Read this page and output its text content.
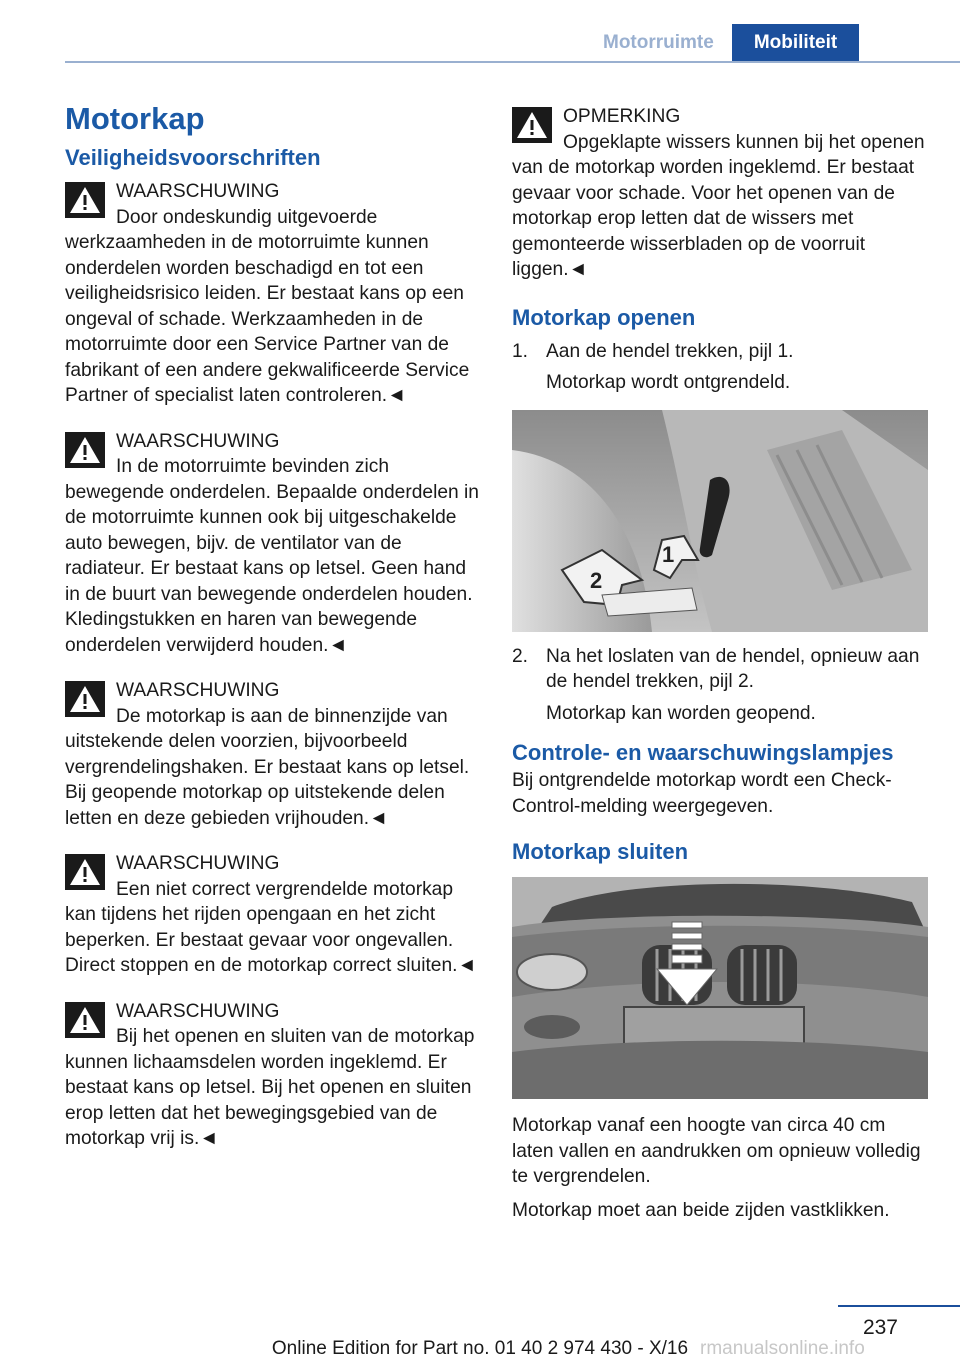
Motorruimte	Mobiliteit
Motorkap
Veiligheidsvoorschriften
WAARSCHUWING
Door ondeskundig uitgevoerde werkzaamheden in de motorruimte kunnen onderdelen worden beschadigd en tot een veiligheidsrisico leiden. Er bestaat kans op een ongeval of schade. Werkzaamheden in de motorruimte door een Service Partner van de fabrikant of een andere gekwalificeerde Service Partner of specialist laten controleren.◄
WAARSCHUWING
In de motorruimte bevinden zich bewegende onderdelen. Bepaalde onderdelen in de motorruimte kunnen ook bij uitgeschakelde auto bewegen, bijv. de ventilator van de radiateur. Er bestaat kans op letsel. Geen hand in de buurt van bewegende onderdelen houden. Kledingstukken en haren van bewegende onderdelen verwijderd houden.◄
WAARSCHUWING
De motorkap is aan de binnenzijde van uitstekende delen voorzien, bijvoorbeeld vergrendelingshaken. Er bestaat kans op letsel. Bij geopende motorkap op uitstekende delen letten en deze gebieden vrijhouden.◄
WAARSCHUWING
Een niet correct vergrendelde motorkap kan tijdens het rijden opengaan en het zicht beperken. Er bestaat gevaar voor ongevallen. Direct stoppen en de motorkap correct sluiten.◄
WAARSCHUWING
Bij het openen en sluiten van de motorkap kunnen lichaamsdelen worden ingeklemd. Er bestaat kans op letsel. Bij het openen en sluiten erop letten dat het bewegingsgebied van de motorkap vrij is.◄
OPMERKING
Opgeklapte wissers kunnen bij het openen van de motorkap worden ingeklemd. Er bestaat gevaar voor schade. Voor het openen van de motorkap erop letten dat de wissers met gemonteerde wisserbladen op de voorruit liggen.◄
Motorkap openen
1. Aan de hendel trekken, pijl 1.
Motorkap wordt ontgrendeld.
1
2
2. Na het loslaten van de hendel, opnieuw aan de hendel trekken, pijl 2.
Motorkap kan worden geopend.
Controle- en waarschuwingslampjes

Bij ontgrendelde motorkap wordt een Check-Control-melding weergegeven.

Motorkap sluiten

Motorkap vanaf een hoogte van circa 40 cm laten vallen en aandrukken om opnieuw volledig te vergrendelen.

Motorkap moet aan beide zijden vastklikken.

237
Online Edition for Part no. 01 40 2 974 430 - X/16 rmanualsonline.info
